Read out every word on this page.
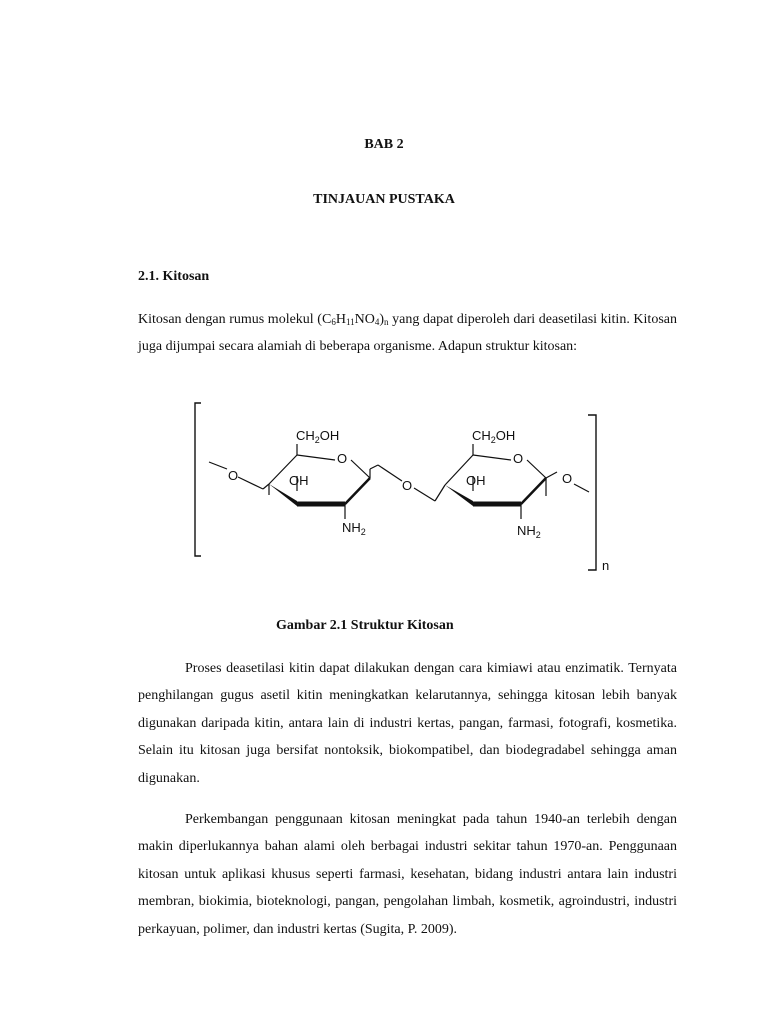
BAB 2
TINJAUAN PUSTAKA
2.1. Kitosan

Kitosan dengan rumus molekul $(C_6H_{11}NO_4)_n$ yang dapat diperoleh dari deasetilasi kitin. Kitosan juga dijumpai secara alamiah di beberapa organisme. Adapun struktur kitosan:

O
$CH_2OH$
O
OH
$NH_2$
O
$CH_2OH$
O
OH
$NH_2$
O
n
Gambar 2.1 Struktur Kitosan

Proses deasetilasi kitin dapat dilakukan dengan cara kimiawi atau enzimatik. Ternyata penghilangan gugus asetil kitin meningkatkan kelarutannya, sehingga kitosan lebih banyak digunakan daripada kitin, antara lain di industri kertas, pangan, farmasi, fotografi, kosmetika. Selain itu kitosan juga bersifat nontoksik, biokompatibel, dan biodegradabel sehingga aman digunakan.

Perkembangan penggunaan kitosan meningkat pada tahun 1940-an terlebih dengan makin diperlukannya bahan alami oleh berbagai industri sekitar tahun 1970-an. Penggunaan kitosan untuk aplikasi khusus seperti farmasi, kesehatan, bidang industri antara lain industri membran, biokimia, bioteknologi, pangan, pengolahan limbah, kosmetik, agroindustri, industri perkayuan, polimer, dan industri kertas (Sugita, P. 2009).
